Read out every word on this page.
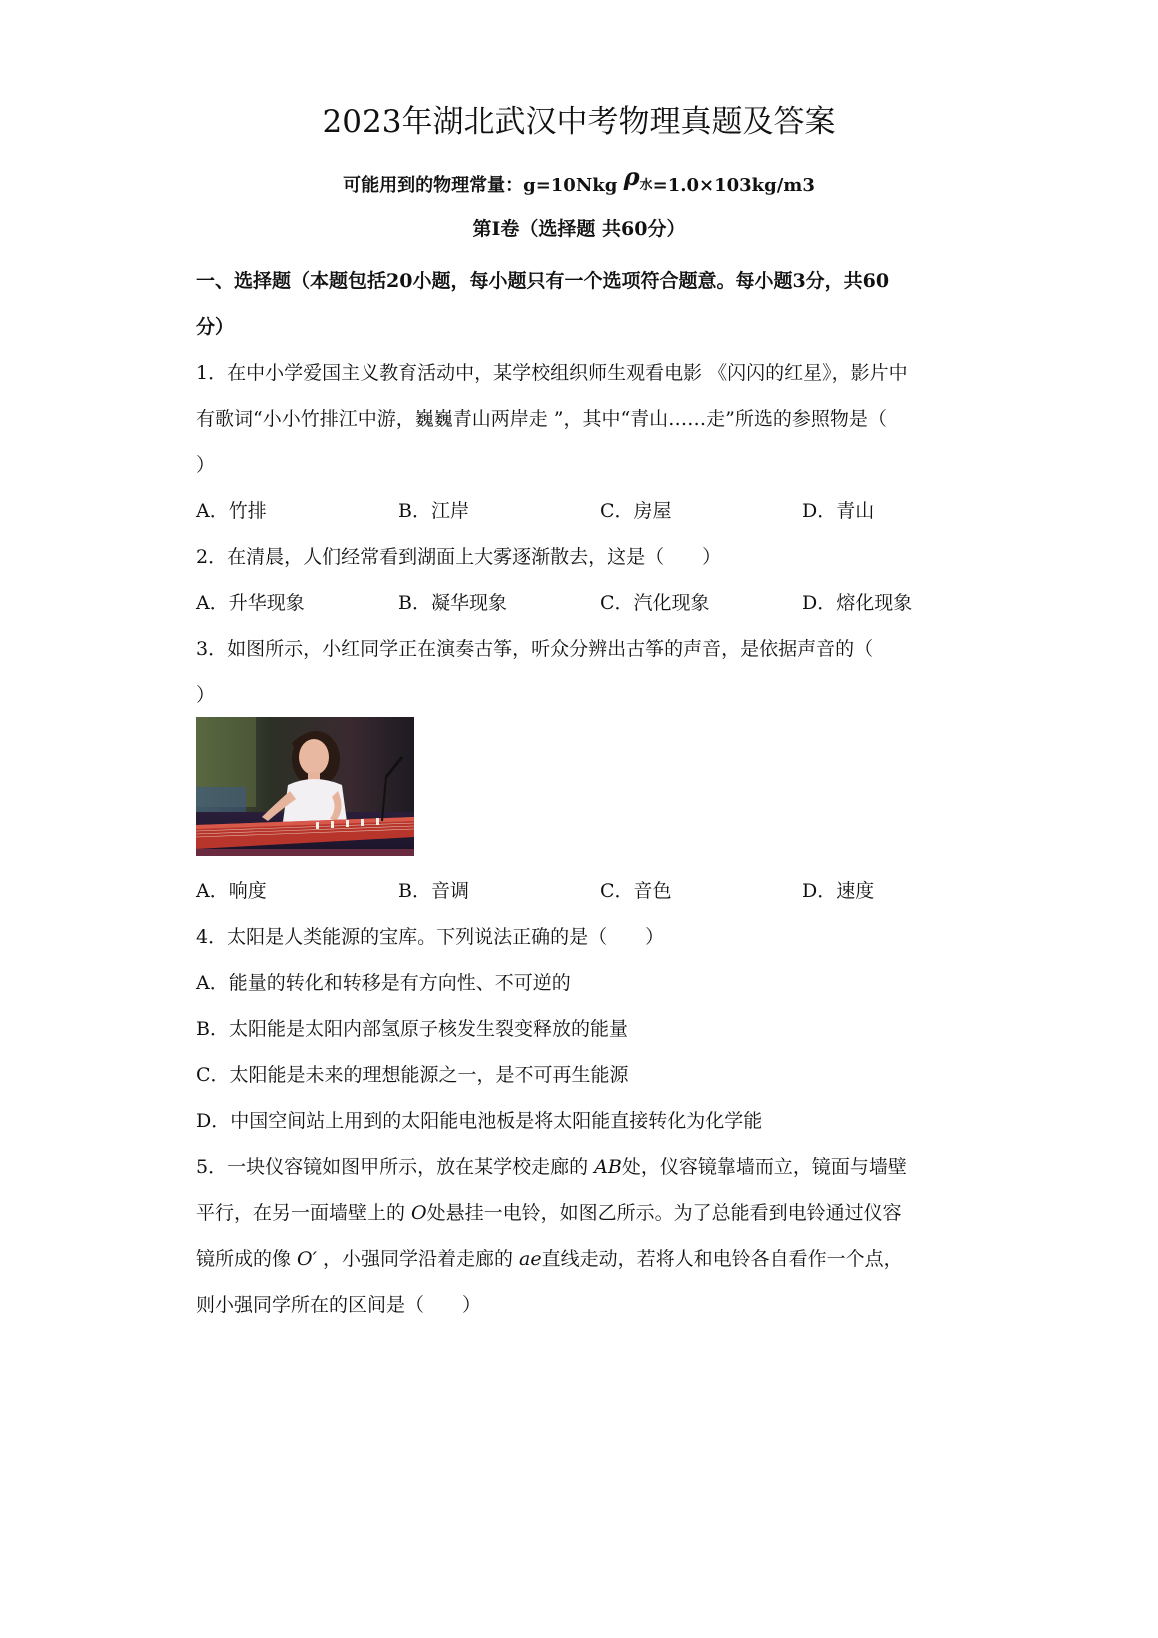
2023年湖北武汉中考物理真题及答案
可能用到的物理常量：g=10Nkg ρ水=1.0×103kg/m3
第Ⅰ卷（选择题 共60分）
一、选择题（本题包括20小题，每小题只有一个选项符合题意。每小题3分，共60
分）
1．在中小学爱国主义教育活动中，某学校组织师生观看电影 《闪闪的红星》，影片中
有歌词“小小竹排江中游，巍巍青山两岸走 ”，其中“青山……走”所选的参照物是（
）
A．竹排	B．江岸	C．房屋	D．青山
2．在清晨，人们经常看到湖面上大雾逐渐散去，这是（　　）
A．升华现象	B．凝华现象	C．汽化现象	D．熔化现象
3．如图所示，小红同学正在演奏古筝，听众分辨出古筝的声音，是依据声音的（
）
A．响度	B．音调	C．音色	D．速度
4．太阳是人类能源的宝库。下列说法正确的是（　　）
A．能量的转化和转移是有方向性、不可逆的
B．太阳能是太阳内部氢原子核发生裂变释放的能量
C．太阳能是未来的理想能源之一，是不可再生能源
D．中国空间站上用到的太阳能电池板是将太阳能直接转化为化学能
5．一块仪容镜如图甲所示，放在某学校走廊的 AB处，仪容镜靠墙而立，镜面与墙壁
平行，在另一面墙壁上的 O处悬挂一电铃，如图乙所示。为了总能看到电铃通过仪容
镜所成的像 O′ ，小强同学沿着走廊的 ae直线走动，若将人和电铃各自看作一个点，
则小强同学所在的区间是（　　）
